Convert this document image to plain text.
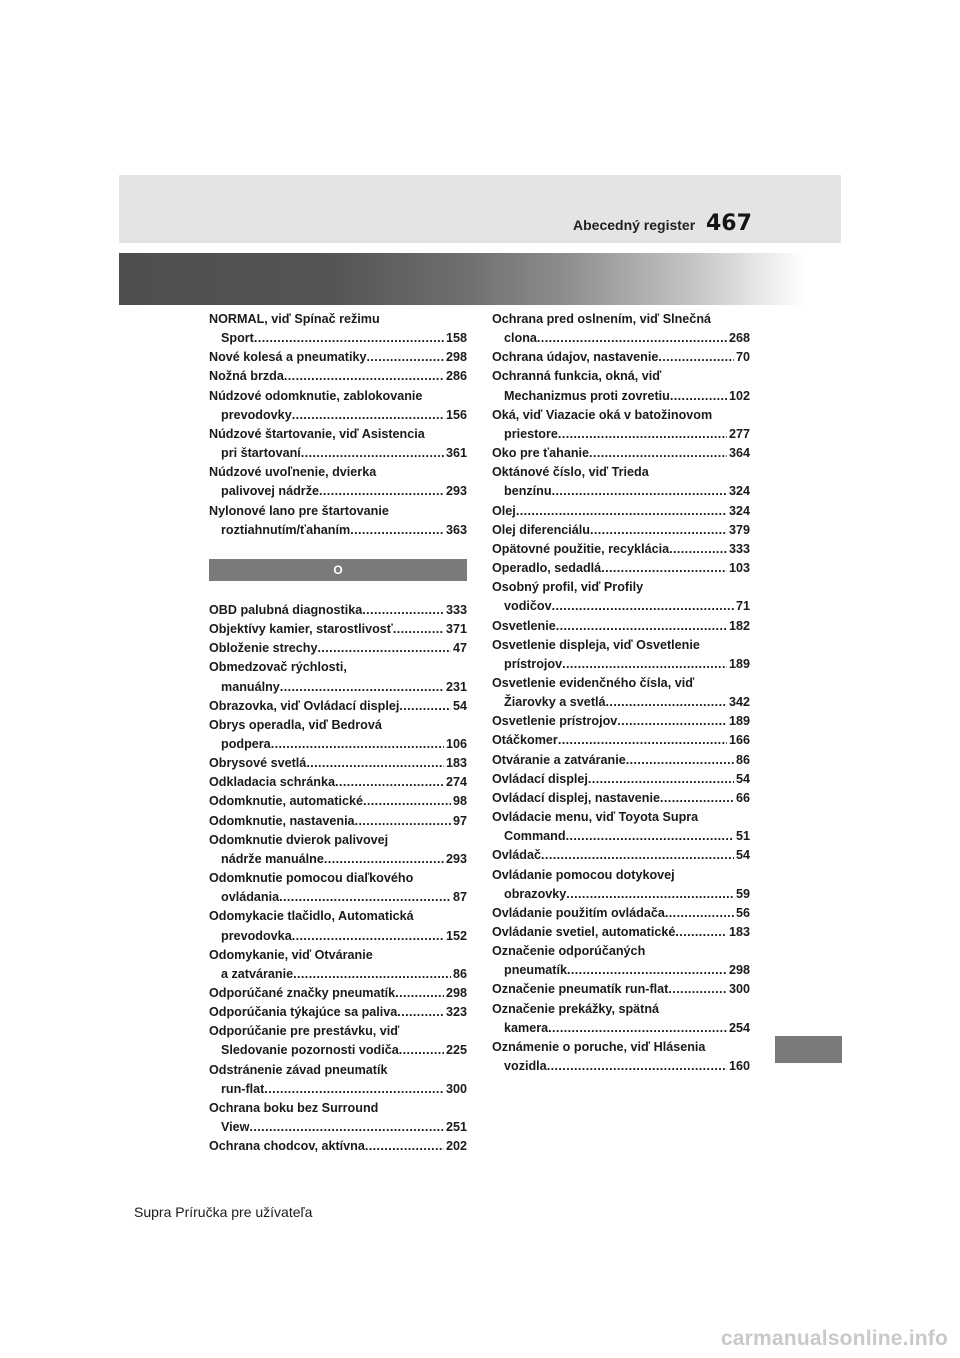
Abecedný register 467
NORMAL, viď Spínač režimu
Sport .....	158
Nové kolesá a pneumatiky .....	298
Nožná brzda .....	286
Núdzové odomknutie, zablokovanie
prevodovky .....	156
Núdzové štartovanie, viď Asistencia
pri štartovaní .....	361
Núdzové uvoľnenie, dvierka
palivovej nádrže .....	293
Nylonové lano pre štartovanie
roztiahnutím/ťahaním .....	363
O
OBD palubná diagnostika .....	333
Objektívy kamier, starostlivosť .....	371
Obloženie strechy .....	47
Obmedzovač rýchlosti,
manuálny .....	231
Obrazovka, viď Ovládací displej .....	54
Obrys operadla, viď Bedrová
podpera .....	106
Obrysové svetlá .....	183
Odkladacia schránka .....	274
Odomknutie, automatické .....	98
Odomknutie, nastavenia .....	97
Odomknutie dvierok palivovej
nádrže manuálne .....	293
Odomknutie pomocou diaľkového
ovládania .....	87
Odomykacie tlačidlo, Automatická
prevodovka .....	152
Odomykanie, viď Otváranie
a zatváranie .....	86
Odporúčané značky pneumatík .....	298
Odporúčania týkajúce sa paliva .....	323
Odporúčanie pre prestávku, viď
Sledovanie pozornosti vodiča .....	225
Odstránenie závad pneumatík
run-flat .....	300
Ochrana boku bez Surround
View .....	251
Ochrana chodcov, aktívna .....	202
Ochrana pred oslnením, viď Slnečná
clona .....	268
Ochrana údajov, nastavenie .....	70
Ochranná funkcia, okná, viď
Mechanizmus proti zovretiu .....	102
Oká, viď Viazacie oká v batožinovom
priestore .....	277
Oko pre ťahanie .....	364
Oktánové číslo, viď Trieda
benzínu .....	324
Olej .....	324
Olej diferenciálu .....	379
Opätovné použitie, recyklácia .....	333
Operadlo, sedadlá .....	103
Osobný profil, viď Profily
vodičov .....	71
Osvetlenie .....	182
Osvetlenie displeja, viď Osvetlenie
prístrojov .....	189
Osvetlenie evidenčného čísla, viď
Žiarovky a svetlá .....	342
Osvetlenie prístrojov .....	189
Otáčkomer .....	166
Otváranie a zatváranie .....	86
Ovládací displej .....	54
Ovládací displej, nastavenie .....	66
Ovládacie menu, viď Toyota Supra
Command .....	51
Ovládač .....	54
Ovládanie pomocou dotykovej
obrazovky .....	59
Ovládanie použitím ovládača .....	56
Ovládanie svetiel, automatické .....	183
Označenie odporúčaných
pneumatík .....	298
Označenie pneumatík run-flat .....	300
Označenie prekážky, spätná
kamera .....	254
Oznámenie o poruche, viď Hlásenia
vozidla .....	160
Supra Príručka pre užívateľa
carmanualsonline.info
